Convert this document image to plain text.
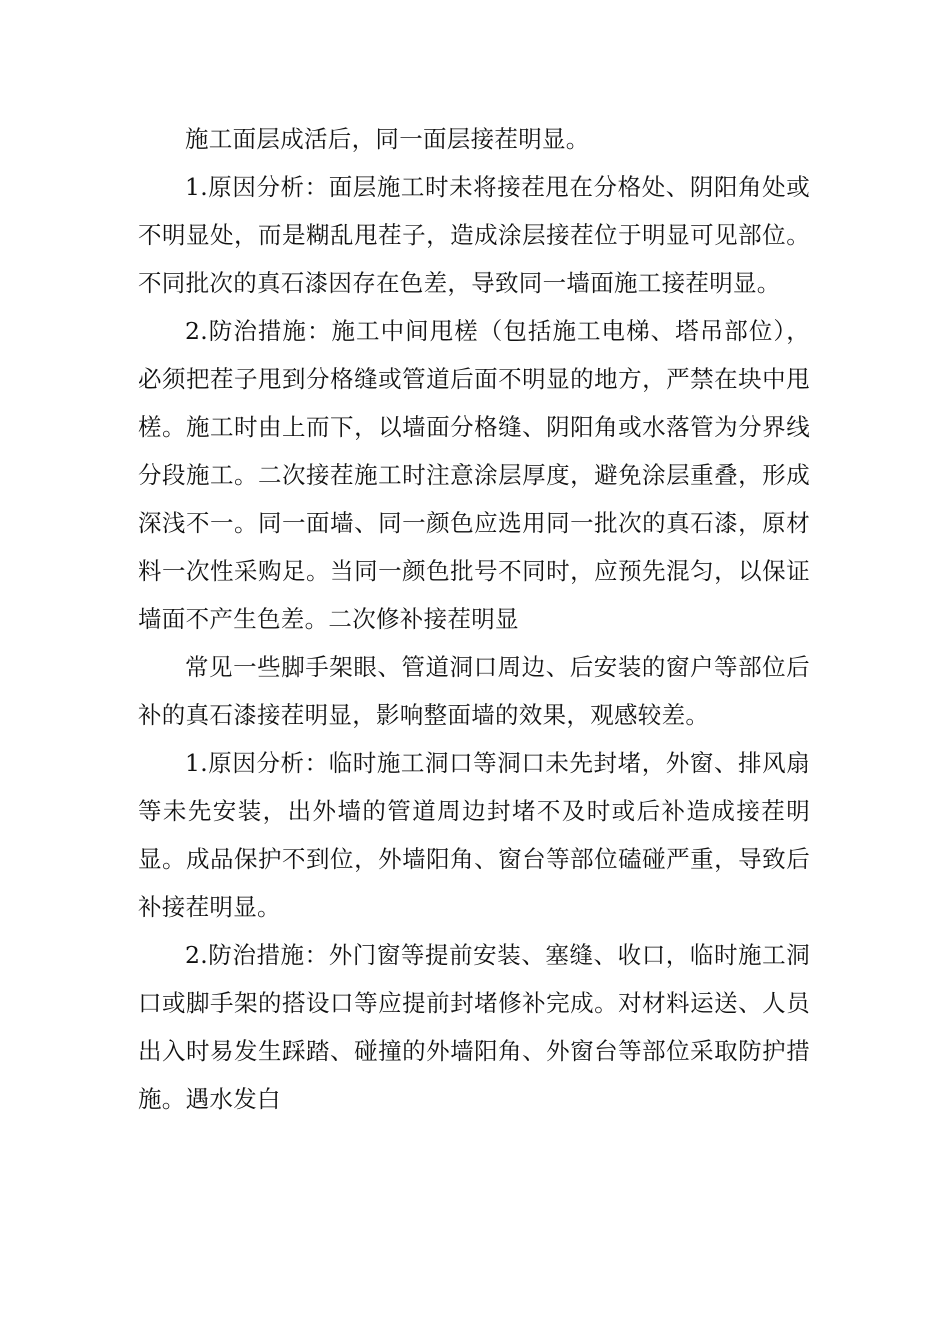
施工面层成活后，同一面层接茬明显。

1.原因分析：面层施工时未将接茬甩在分格处、阴阳角处或不明显处，而是糊乱甩茬子，造成涂层接茬位于明显可见部位。不同批次的真石漆因存在色差，导致同一墙面施工接茬明显。

2.防治措施：施工中间甩槎（包括施工电梯、塔吊部位），必须把茬子甩到分格缝或管道后面不明显的地方，严禁在块中甩槎。施工时由上而下，以墙面分格缝、阴阳角或水落管为分界线分段施工。二次接茬施工时注意涂层厚度，避免涂层重叠，形成深浅不一。同一面墙、同一颜色应选用同一批次的真石漆，原材料一次性采购足。当同一颜色批号不同时，应预先混匀，以保证墙面不产生色差。二次修补接茬明显

常见一些脚手架眼、管道洞口周边、后安装的窗户等部位后补的真石漆接茬明显，影响整面墙的效果，观感较差。

1.原因分析：临时施工洞口等洞口未先封堵，外窗、排风扇等未先安装，出外墙的管道周边封堵不及时或后补造成接茬明显。成品保护不到位，外墙阳角、窗台等部位磕碰严重，导致后补接茬明显。

2.防治措施：外门窗等提前安装、塞缝、收口，临时施工洞口或脚手架的搭设口等应提前封堵修补完成。对材料运送、人员出入时易发生踩踏、碰撞的外墙阳角、外窗台等部位采取防护措施。遇水发白
